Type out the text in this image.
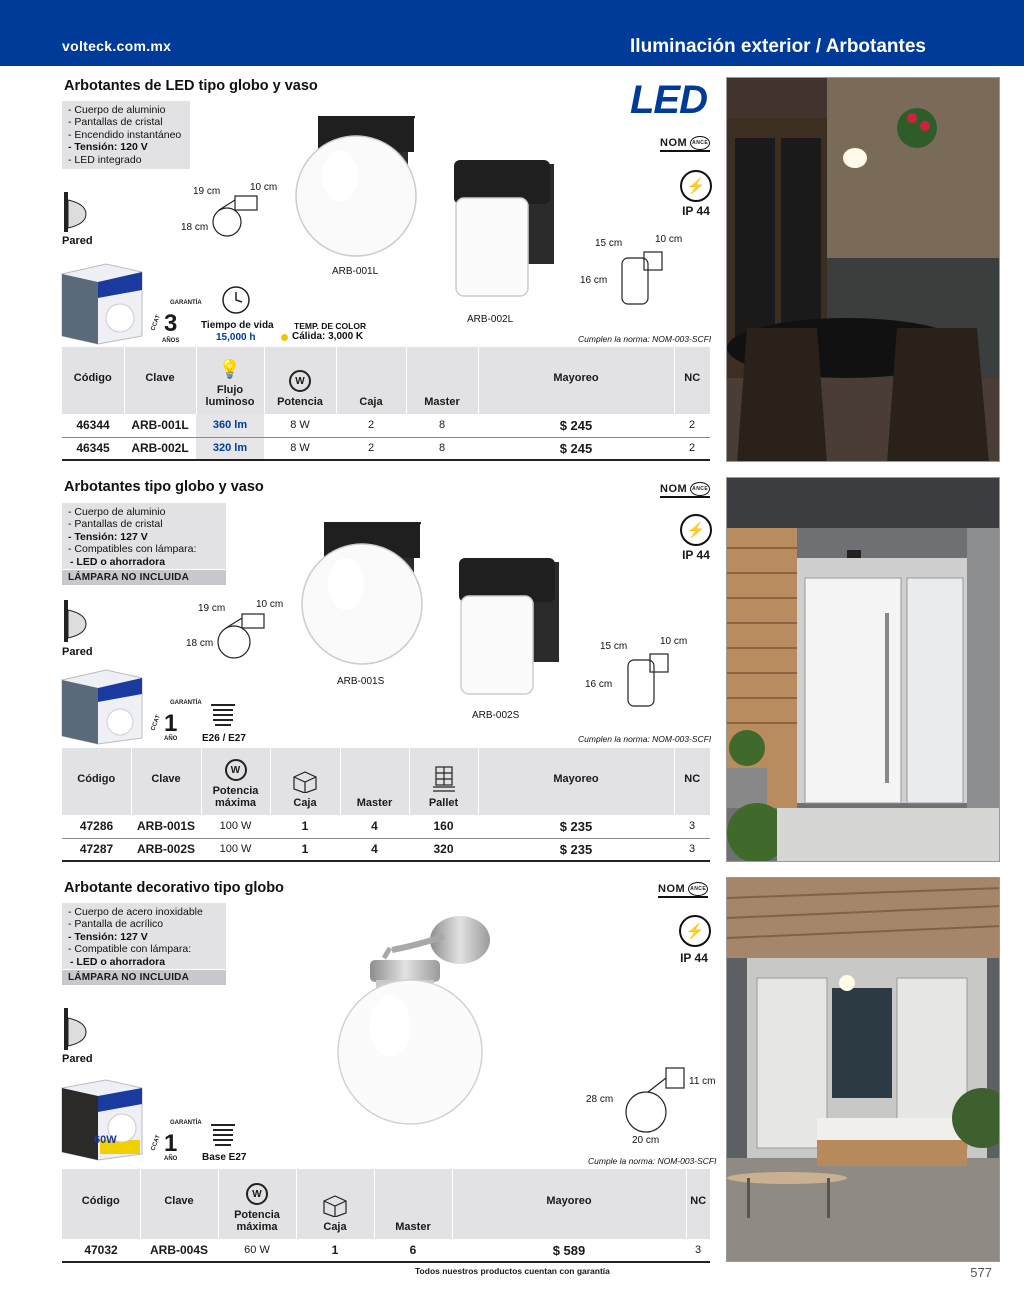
volteck.com.mx	Iluminación exterior / Arbotantes
Arbotantes de LED tipo globo y vaso
- Cuerpo de aluminio
- Pantallas de cristal
- Encendido instantáneo
- Tensión: 120 V
- LED integrado
Pared
19 cm	10 cm
18 cm
ARB-001L
ARB-002L
15 cm	10 cm
16 cm
LED
NOM ANCE
⚡
IP 44
3
GARANTÍA
CCAT
AÑOS
Tiempo de vida
15,000 h
TEMP. DE COLOR
Cálida: 3,000 K	Cumplen la norma: NOM-003-SCFI
Código	Clave	💡
Flujo luminoso	W
Potencia	Caja	Master	Mayoreo	NC
46344	ARB-001L	360 lm	8 W	2	8	$ 245	2
46345	ARB-002L	320 lm	8 W	2	8	$ 245	2
Arbotantes tipo globo y vaso
- Cuerpo de aluminio
- Pantallas de cristal
- Tensión: 127 V
- Compatibles con lámpara:
- LED o ahorradora
LÁMPARA NO INCLUIDA
Pared
19 cm	10 cm
18 cm
ARB-001S
ARB-002S
15 cm	10 cm
16 cm
NOM ANCE
⚡
IP 44
1
GARANTÍA
CCAT
AÑO E26 / E27	Cumplen la norma: NOM-003-SCFI
Código	Clave	W
Potencia máxima	Caja	Master	Pallet	Mayoreo	NC
47286	ARB-001S	100 W	1	4	160	$ 235	3
47287	ARB-002S	100 W	1	4	320	$ 235	3
Arbotante decorativo tipo globo
- Cuerpo de acero inoxidable
- Pantalla de acrílico
- Tensión: 127 V
- Compatible con lámpara:
- LED o ahorradora
LÁMPARA NO INCLUIDA
Pared
28 cm
11 cm
20 cm
NOM ANCE
⚡
IP 44
60W 1
GARANTÍA
CCAT
AÑO Base E27	Cumple la norma: NOM-003-SCFI
Código	Clave	W
Potencia máxima	Caja	Master	Mayoreo	NC
47032	ARB-004S	60 W	1	6	$ 589	3
Todos nuestros productos cuentan con garantía	577
